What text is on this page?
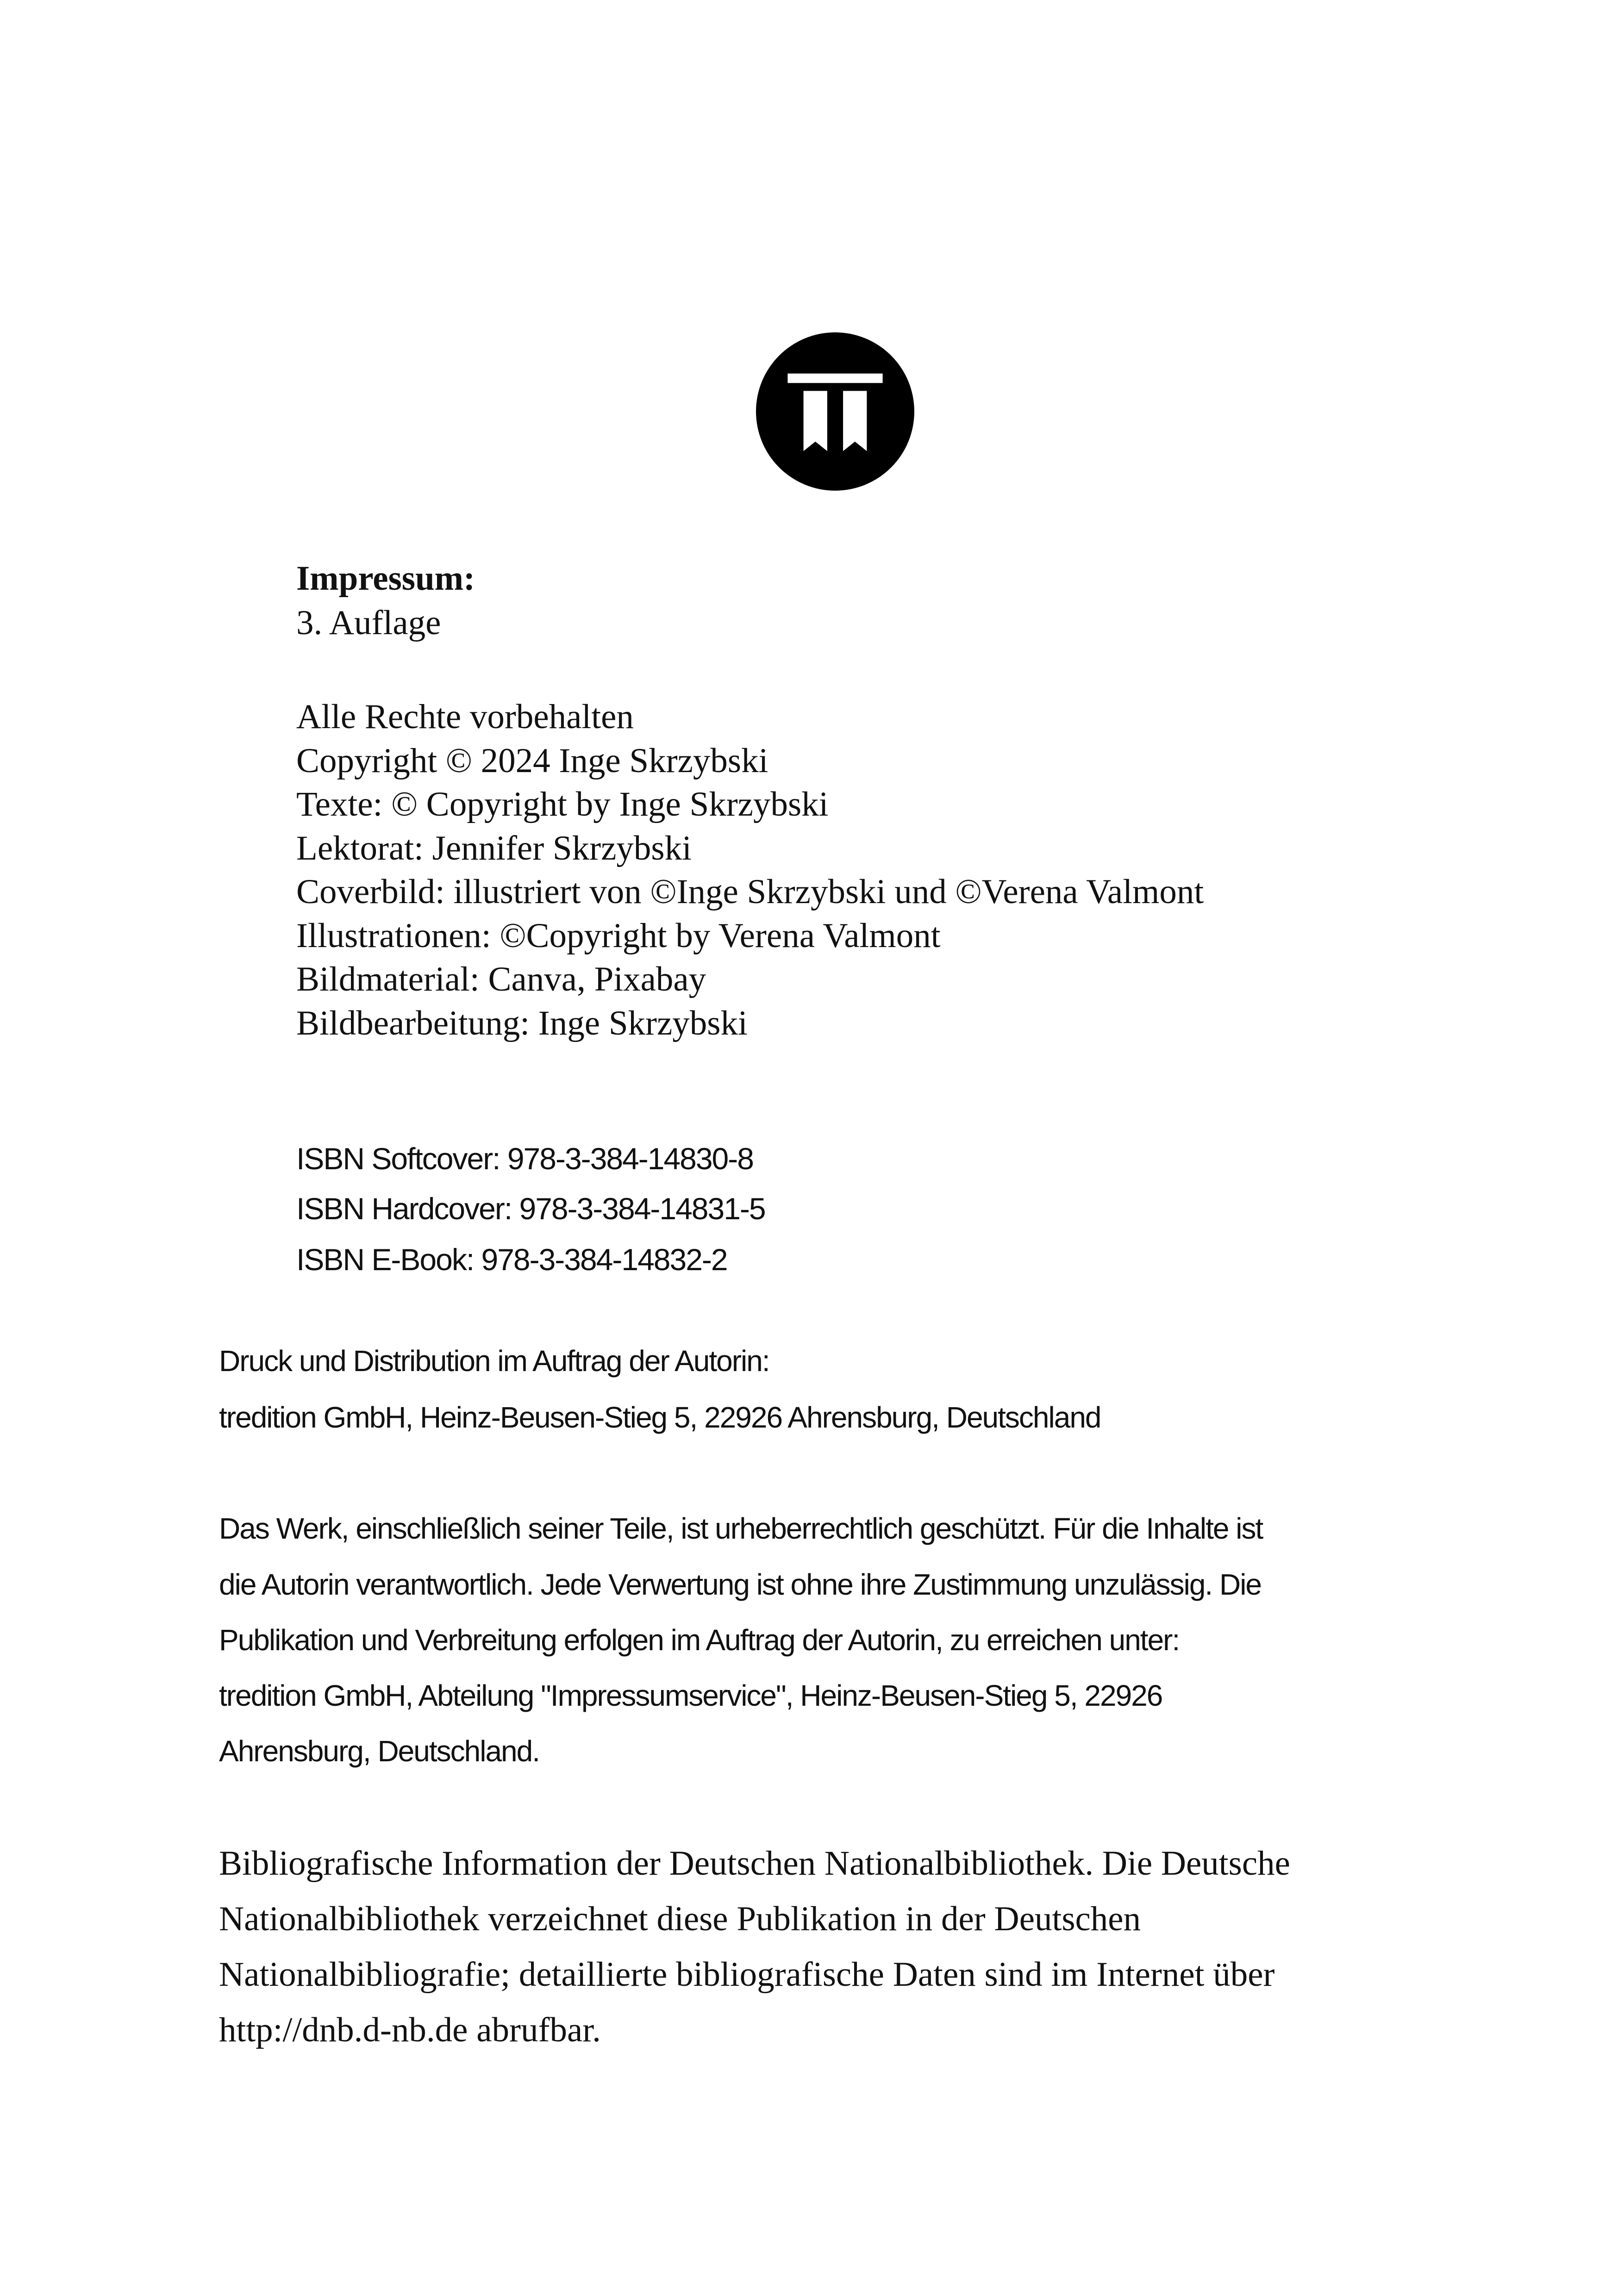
Impressum:
3. Auflage
Alle Rechte vorbehalten
Copyright © 2024 Inge Skrzybski
Texte: © Copyright by Inge Skrzybski
Lektorat: Jennifer Skrzybski
Coverbild: illustriert von ©Inge Skrzybski und ©Verena Valmont
Illustrationen: ©Copyright by Verena Valmont
Bildmaterial: Canva, Pixabay
Bildbearbeitung: Inge Skrzybski
ISBN Softcover: 978-3-384-14830-8
ISBN Hardcover: 978-3-384-14831-5
ISBN E-Book: 978-3-384-14832-2
Druck und Distribution im Auftrag der Autorin:
tredition GmbH, Heinz-Beusen-Stieg 5, 22926 Ahrensburg, Deutschland
Das Werk, einschließlich seiner Teile, ist urheberrechtlich geschützt. Für die Inhalte ist
die Autorin verantwortlich. Jede Verwertung ist ohne ihre Zustimmung unzulässig. Die
Publikation und Verbreitung erfolgen im Auftrag der Autorin, zu erreichen unter:
tredition GmbH, Abteilung "Impressumservice", Heinz-Beusen-Stieg 5, 22926
Ahrensburg, Deutschland.
Bibliografische Information der Deutschen Nationalbibliothek. Die Deutsche
Nationalbibliothek verzeichnet diese Publikation in der Deutschen
Nationalbibliografie; detaillierte bibliografische Daten sind im Internet über
http://dnb.d-nb.de abrufbar.
